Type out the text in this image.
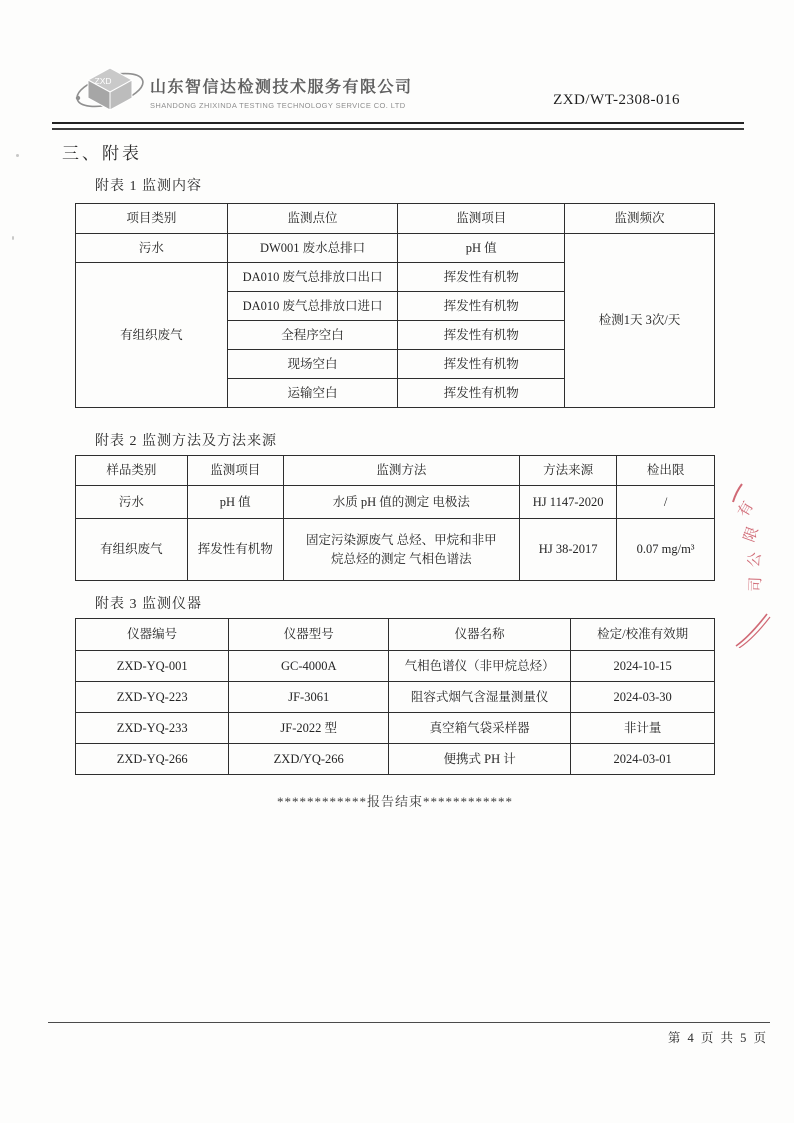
ZXD 山东智信达检测技术服务有限公司
SHANDONG ZHIXINDA TESTING TECHNOLOGY SERVICE CO. LTD	ZXD/WT-2308-016
三、附表
附表 1 监测内容
项目类别	监测点位	监测项目	监测频次
污水	DW001 废水总排口	pH 值	检测1天 3次/天
有组织废气	DA010 废气总排放口出口	挥发性有机物	
	DA010 废气总排放口进口	挥发性有机物	
	全程序空白	挥发性有机物	
	现场空白	挥发性有机物	
	运输空白	挥发性有机物	
附表 2 监测方法及方法来源
样品类别	监测项目	监测方法	方法来源	检出限
污水	pH 值	水质 pH 值的测定 电极法	HJ 1147-2020	/
有组织废气	挥发性有机物	固定污染源废气 总烃、甲烷和非甲烷总烃的测定 气相色谱法	HJ 38-2017	0.07 mg/m³
附表 3 监测仪器
仪器编号	仪器型号	仪器名称	检定/校准有效期
ZXD-YQ-001	GC-4000A	气相色谱仪（非甲烷总烃）	2024-10-15
ZXD-YQ-223	JF-3061	阻容式烟气含湿量测量仪	2024-03-30
ZXD-YQ-233	JF-2022 型	真空箱气袋采样器	非计量
ZXD-YQ-266	ZXD/YQ-266	便携式 PH 计	2024-03-01
************报告结束************
有
限
公
司
第 4 页 共 5 页
